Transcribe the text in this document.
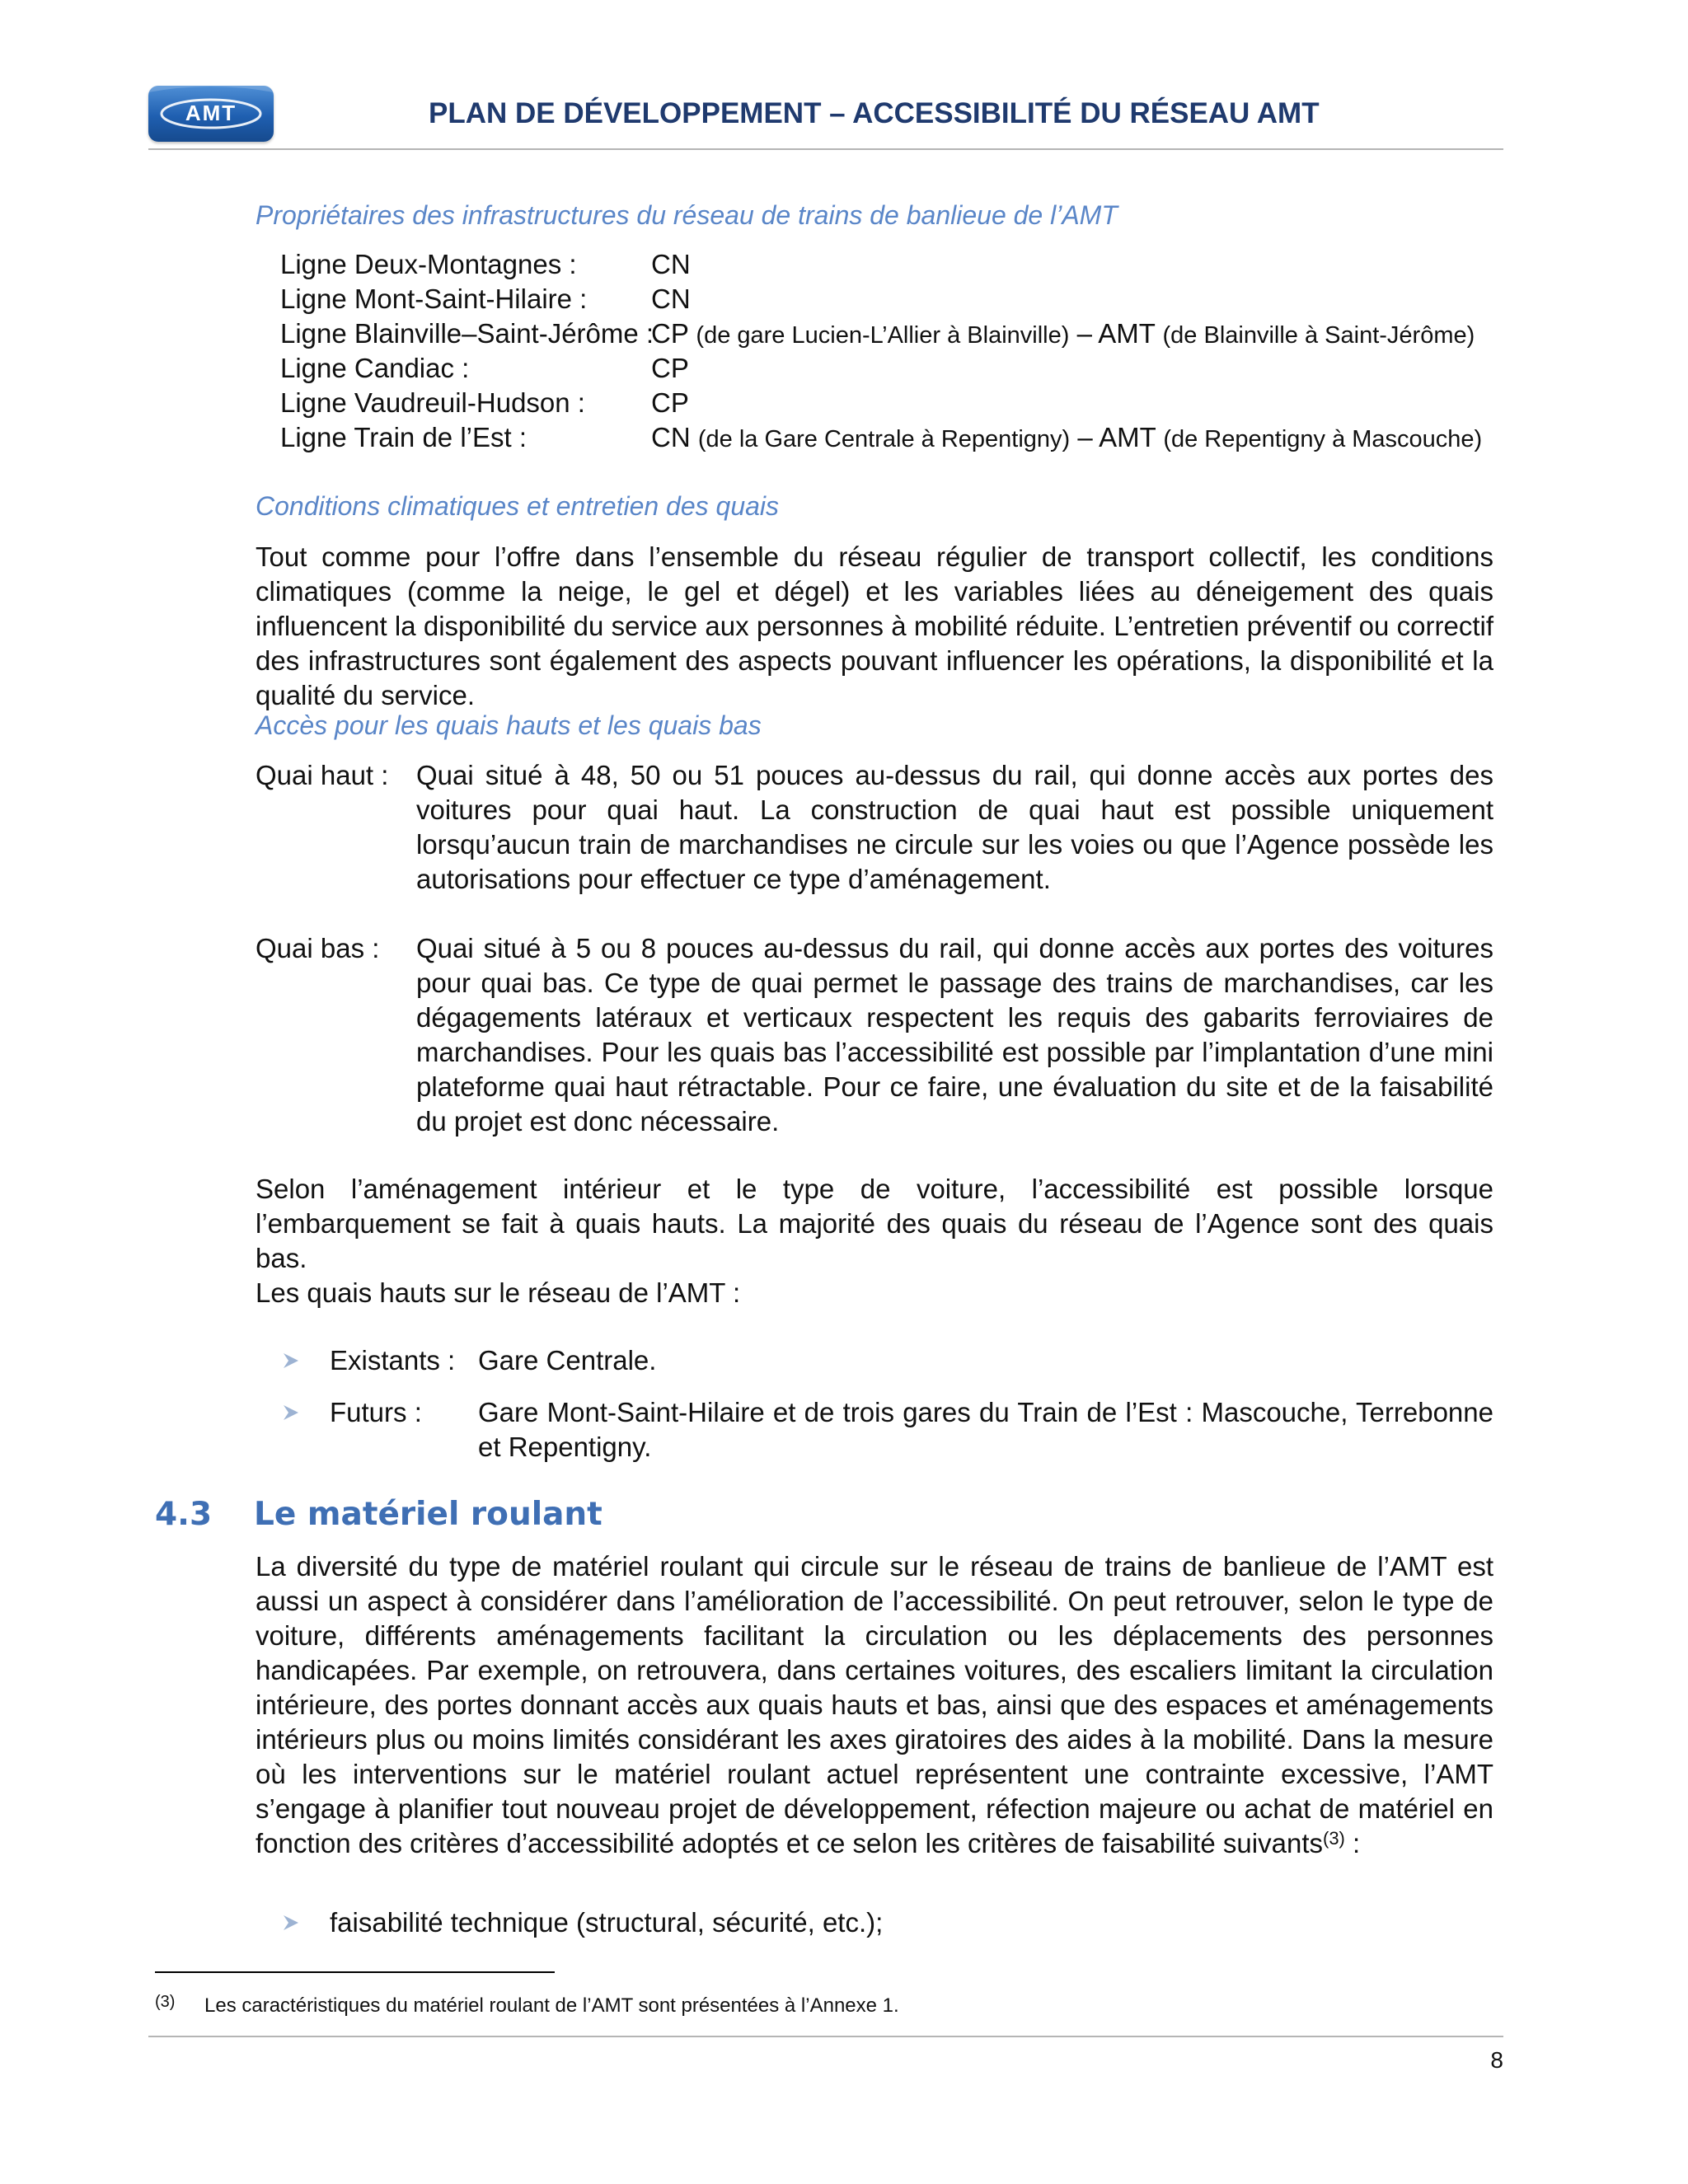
AMT	PLAN DE DÉVELOPPEMENT – ACCESSIBILITÉ DU RÉSEAU AMT
Propriétaires des infrastructures du réseau de trains de banlieue de l’AMT
Ligne Deux-Montagnes :	CN
Ligne Mont-Saint-Hilaire : CN
Ligne Blainville–Saint-Jérôme :CP (de gare Lucien-L’Allier à Blainville) – AMT (de Blainville à Saint-Jérôme)
Ligne Candiac :	CP
Ligne Vaudreuil-Hudson : CP
Ligne Train de l’Est :	CN (de la Gare Centrale à Repentigny) – AMT (de Repentigny à Mascouche)
Conditions climatiques et entretien des quais
Tout comme pour l’offre dans l’ensemble du réseau régulier de transport collectif, les conditions climatiques (comme la neige, le gel et dégel) et les variables liées au déneigement des quais influencent la disponibilité du service aux personnes à mobilité réduite. L’entretien préventif ou correctif des infrastructures sont également des aspects pouvant influencer les opérations, la disponibilité et la qualité du service.
Accès pour les quais hauts et les quais bas
Quai haut : Quai situé à 48, 50 ou 51 pouces au-dessus du rail, qui donne accès aux portes des voitures pour quai haut. La construction de quai haut est possible uniquement lorsqu’aucun train de marchandises ne circule sur les voies ou que l’Agence possède les autorisations pour effectuer ce type d’aménagement.
Quai bas : Quai situé à 5 ou 8 pouces au-dessus du rail, qui donne accès aux portes des voitures pour quai bas. Ce type de quai permet le passage des trains de marchandises, car les dégagements latéraux et verticaux respectent les requis des gabarits ferroviaires de marchandises. Pour les quais bas l’accessibilité est possible par l’implantation d’une mini plateforme quai haut rétractable. Pour ce faire, une évaluation du site et de la faisabilité du projet est donc nécessaire.
Selon l’aménagement intérieur et le type de voiture, l’accessibilité est possible lorsque l’embarquement se fait à quais hauts. La majorité des quais du réseau de l’Agence sont des quais bas.
Les quais hauts sur le réseau de l’AMT :
Existants : Gare Centrale.
Futurs : Gare Mont-Saint-Hilaire et de trois gares du Train de l’Est : Mascouche, Terrebonne et Repentigny.
4.3 Le matériel roulant
La diversité du type de matériel roulant qui circule sur le réseau de trains de banlieue de l’AMT est aussi un aspect à considérer dans l’amélioration de l’accessibilité. On peut retrouver, selon le type de voiture, différents aménagements facilitant la circulation ou les déplacements des personnes handicapées. Par exemple, on retrouvera, dans certaines voitures, des escaliers limitant la circulation intérieure, des portes donnant accès aux quais hauts et bas, ainsi que des espaces et aménagements intérieurs plus ou moins limités considérant les axes giratoires des aides à la mobilité. Dans la mesure où les interventions sur le matériel roulant actuel représentent une contrainte excessive, l’AMT s’engage à planifier tout nouveau projet de développement, réfection majeure ou achat de matériel en fonction des critères d’accessibilité adoptés et ce selon les critères de faisabilité suivants$^{(3)}$ :
faisabilité technique (structural, sécurité, etc.);
(3) Les caractéristiques du matériel roulant de l’AMT sont présentées à l’Annexe 1.
8
